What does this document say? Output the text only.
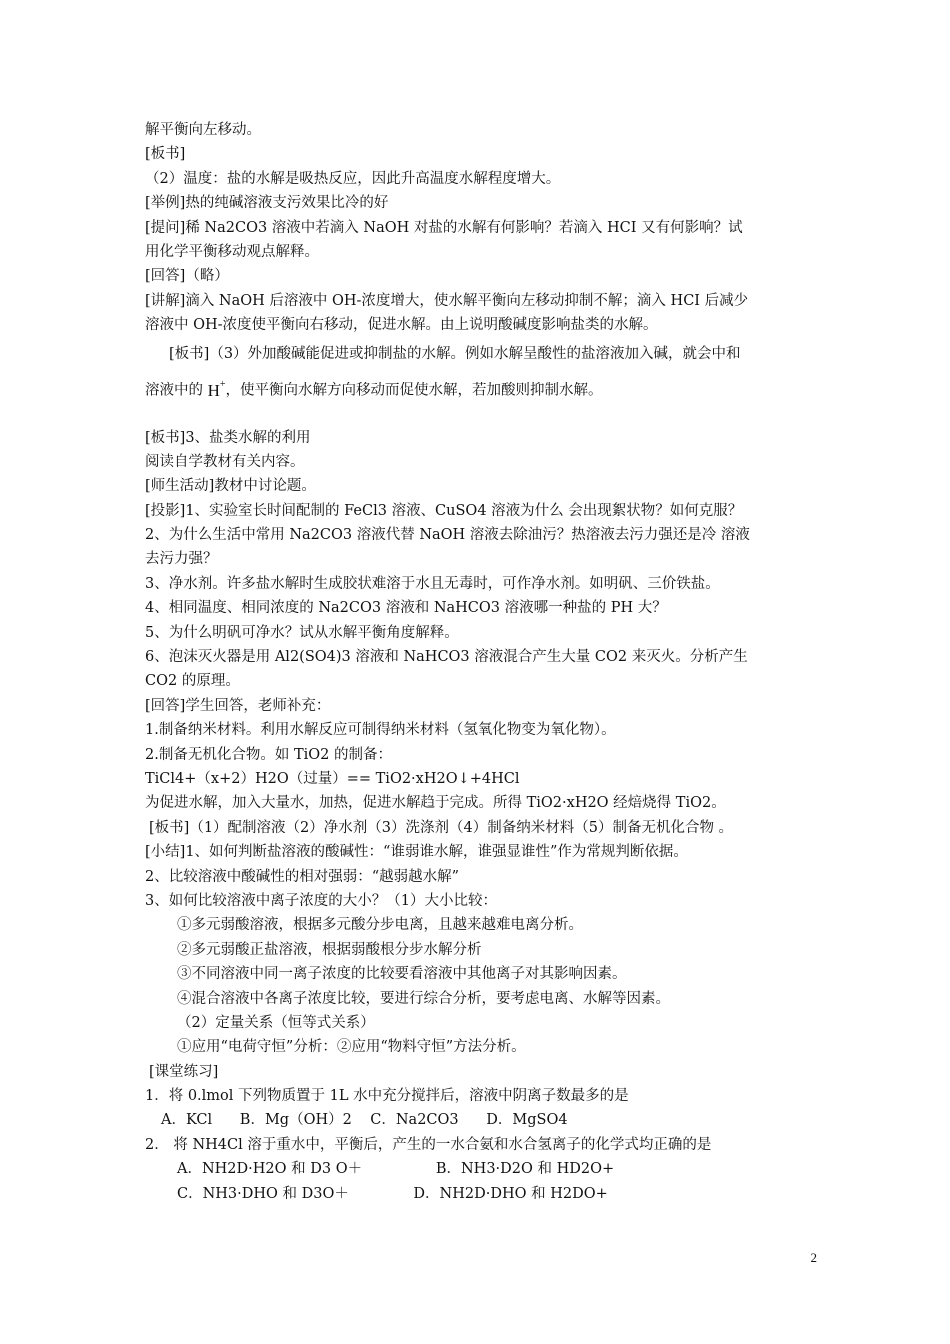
解平衡向左移动。
[板书]
（2）温度：盐的水解是吸热反应，因此升高温度水解程度增大。
[举例]热的纯碱溶液支污效果比冷的好
[提问]稀 Na2CO3 溶液中若滴入 NaOH 对盐的水解有何影响？若滴入 HCI 又有何影响？试
用化学平衡移动观点解释。
[回答]（略）
[讲解]滴入 NaOH 后溶液中 OH-浓度增大，使水解平衡向左移动抑制不解；滴入 HCI 后减少
溶液中 OH-浓度使平衡向右移动，促进水解。由上说明酸碱度影响盐类的水解。
[板书]（3）外加酸碱能促进或抑制盐的水解。例如水解呈酸性的盐溶液加入碱，就会中和
溶液中的 H+，使平衡向水解方向移动而促使水解，若加酸则抑制水解。
[板书]3、盐类水解的利用
阅读自学教材有关内容。
[师生活动]教材中讨论题。
[投影]1、实验室长时间配制的 FeCl3 溶液、CuSO4 溶液为什么 会出现絮状物？如何克服？
2、为什么生活中常用 Na2CO3 溶液代替 NaOH 溶液去除油污？热溶液去污力强还是冷 溶液
去污力强？
3、净水剂。许多盐水解时生成胶状难溶于水且无毒时，可作净水剂。如明矾、三价铁盐。
4、相同温度、相同浓度的 Na2CO3 溶液和 NaHCO3 溶液哪一种盐的 PH 大？
5、为什么明矾可净水？试从水解平衡角度解释。
6、泡沫灭火器是用 Al2(SO4)3 溶液和 NaHCO3 溶液混合产生大量 CO2 来灭火。分析产生
CO2 的原理。
[回答]学生回答，老师补充：
1.制备纳米材料。利用水解反应可制得纳米材料（氢氧化物变为氧化物）。
2.制备无机化合物。如 TiO2 的制备：
TiCl4+（x+2）H2O（过量）== TiO2·xH2O↓+4HCl
为促进水解，加入大量水，加热，促进水解趋于完成。所得 TiO2·xH2O 经焙烧得 TiO2。
[板书]（1）配制溶液（2）净水剂（3）洗涤剂（4）制备纳米材料（5）制备无机化合物 。
[小结]1、如何判断盐溶液的酸碱性：“谁弱谁水解，谁强显谁性”作为常规判断依据。
2、比较溶液中酸碱性的相对强弱：“越弱越水解”
3、如何比较溶液中离子浓度的大小？（1）大小比较：
①多元弱酸溶液，根据多元酸分步电离，且越来越难电离分析。
②多元弱酸正盐溶液，根据弱酸根分步水解分析
③不同溶液中同一离子浓度的比较要看溶液中其他离子对其影响因素。
④混合溶液中各离子浓度比较，要进行综合分析，要考虑电离、水解等因素。
（2）定量关系（恒等式关系）
①应用“电荷守恒”分析：②应用“物料守恒”方法分析。
[课堂练习]
1．将 0.lmol 下列物质置于 1L 水中充分搅拌后，溶液中阴离子数最多的是
A．KCl      B．Mg（OH）2    C．Na2CO3      D．MgSO4
2． 将 NH4Cl 溶于重水中，平衡后，产生的一水合氨和水合氢离子的化学式均正确的是
A．NH2D·H2O 和 D3 O＋                B．NH3·D2O 和 HD2O+
C．NH3·DHO 和 D3O＋              D．NH2D·DHO 和 H2DO+
2
